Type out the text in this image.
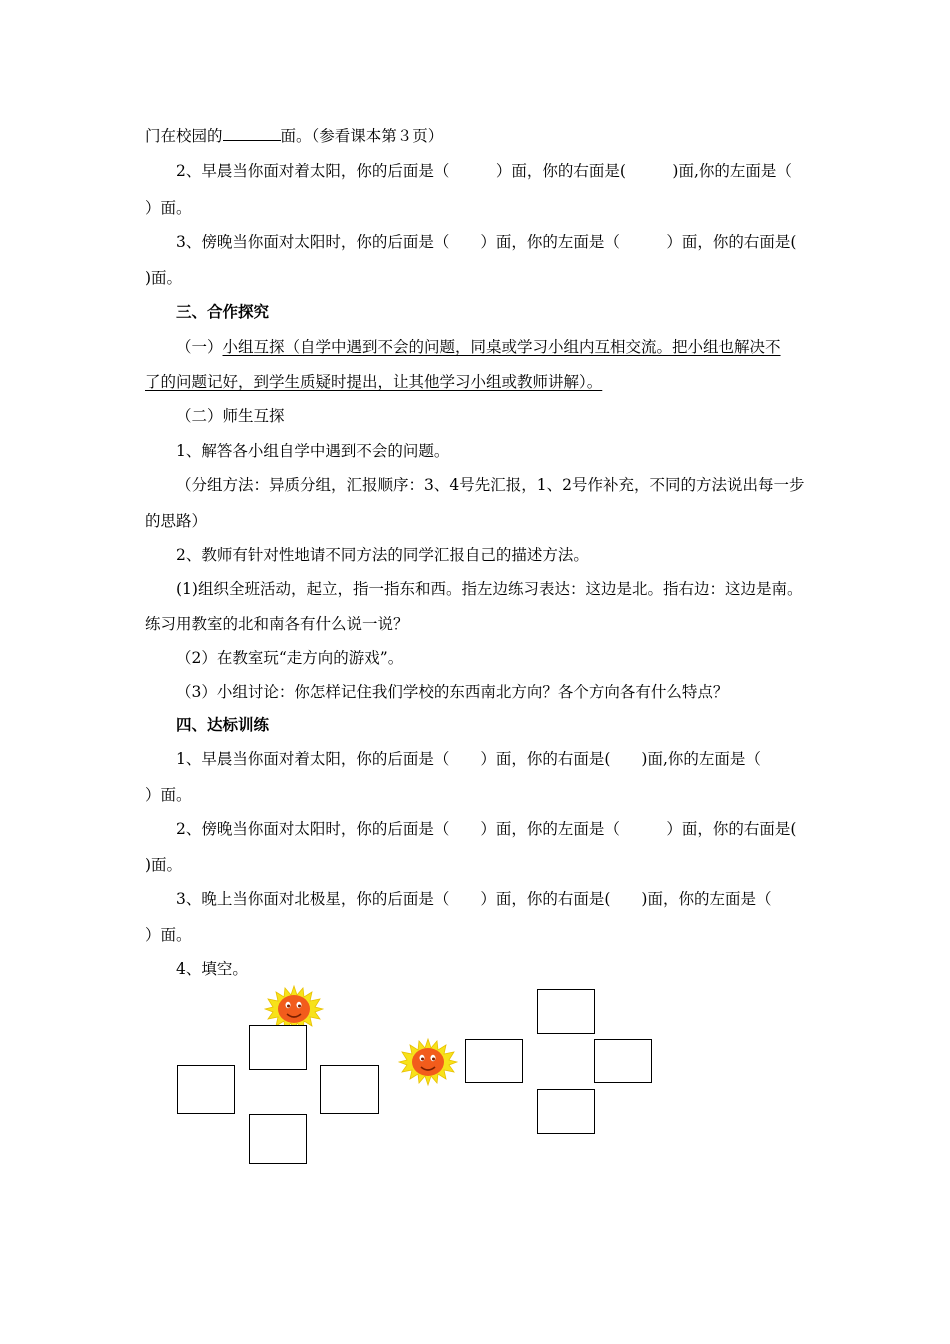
门在校园的	面。（参看课本第３页）
2、早晨当你面对着太阳，你的后面是（　　　）面，你的右面是(　　　)面,你的左面是（
）面。
3、傍晚当你面对太阳时，你的后面是（　　）面，你的左面是（　　　）面，你的右面是(
)面。
三、合作探究
（一）小组互探（自学中遇到不会的问题，同桌或学习小组内互相交流。把小组也解决不
了的问题记好，到学生质疑时提出，让其他学习小组或教师讲解）。
（二）师生互探
1、解答各小组自学中遇到不会的问题。
（分组方法：异质分组，汇报顺序：3、4号先汇报，1、2号作补充，不同的方法说出每一步
的思路）
2、教师有针对性地请不同方法的同学汇报自己的描述方法。
(1)组织全班活动，起立，指一指东和西。指左边练习表达：这边是北。指右边：这边是南。
练习用教室的北和南各有什么说一说？
（2）在教室玩“走方向的游戏”。
（3）小组讨论：你怎样记住我们学校的东西南北方向？各个方向各有什么特点？
四、达标训练
1、早晨当你面对着太阳，你的后面是（　　）面，你的右面是(　　)面,你的左面是（
）面。
2、傍晚当你面对太阳时，你的后面是（　　）面，你的左面是（　　　）面，你的右面是(
)面。
3、晚上当你面对北极星，你的后面是（　　）面，你的右面是(　　)面，你的左面是（
）面。
4、填空。
